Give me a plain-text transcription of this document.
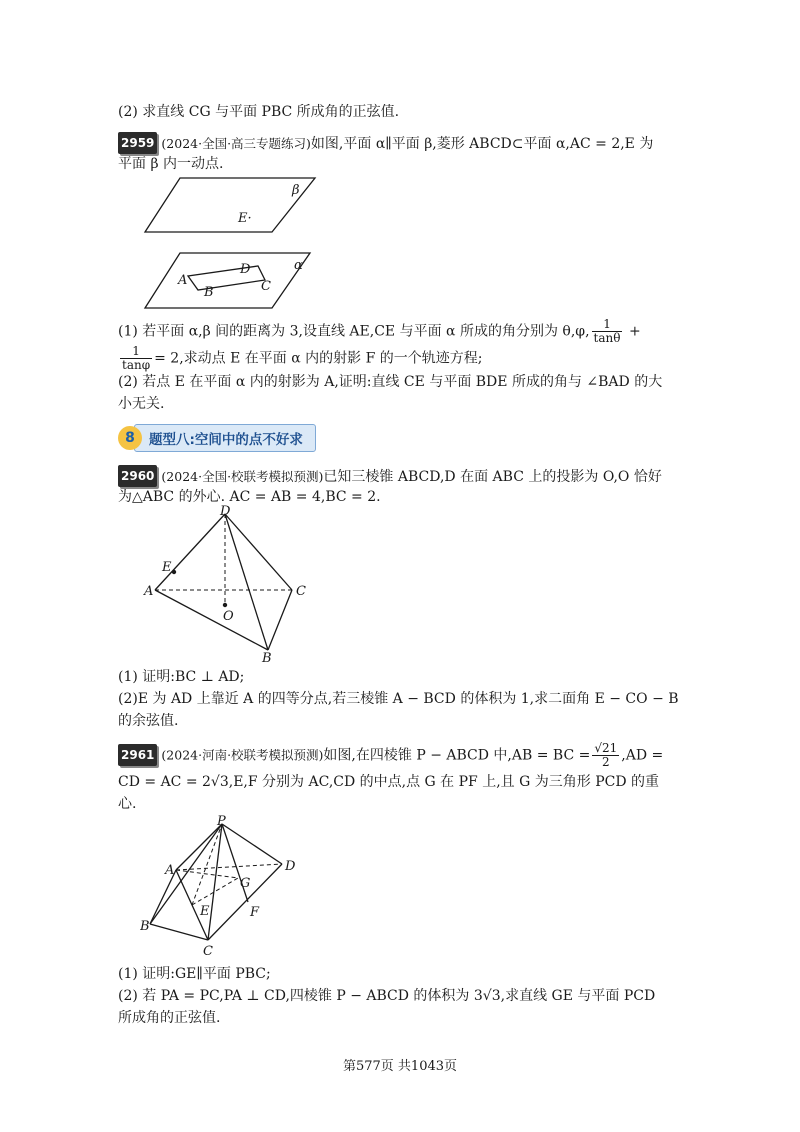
(2) 求直线 CG 与平面 PBC 所成角的正弦值.
2959 (2024·全国·高三专题练习)如图,平面 α∥平面 β,菱形 ABCD⊂平面 α,AC = 2,E 为
平面 β 内一动点.
β
E·
α
A
B	C
D
(1) 若平面 α,β 间的距离为 3,设直线 AE,CE 与平面 α 所成的角分别为 θ,φ, $\frac{1}{\tan\theta}$ +
$\frac{1}{\tan\varphi} = 2$,求动点 E 在平面 α 内的射影 F 的一个轨迹方程;
(2) 若点 E 在平面 α 内的射影为 A,证明:直线 CE 与平面 BDE 所成的角与 ∠BAD 的大
小无关.
8	题型八:空间中的点不好求
2960 (2024·全国·校联考模拟预测)已知三棱锥 ABCD,D 在面 ABC 上的投影为 O,O 恰好
为△ABC 的外心. AC = AB = 4,BC = 2.
D
E
A	C
O
B
(1) 证明:BC ⊥ AD;
(2)E 为 AD 上靠近 A 的四等分点,若三棱锥 A − BCD 的体积为 1,求二面角 E − CO − B
的余弦值.
2961 (2024·河南·校联考模拟预测)如图,在四棱锥 P − ABCD 中,AB = BC = $\frac{√21}{2} ,AD$ =
CD = AC = 2√3,E,F 分别为 AC,CD 的中点,点 G 在 PF 上,且 G 为三角形 PCD 的重
心.
P
A	D
G
E	F
B
C
(1) 证明:GE∥平面 PBC;
(2) 若 PA = PC,PA ⊥ CD,四棱锥 P − ABCD 的体积为 3√3,求直线 GE 与平面 PCD
所成角的正弦值.
第577页 共1043页
